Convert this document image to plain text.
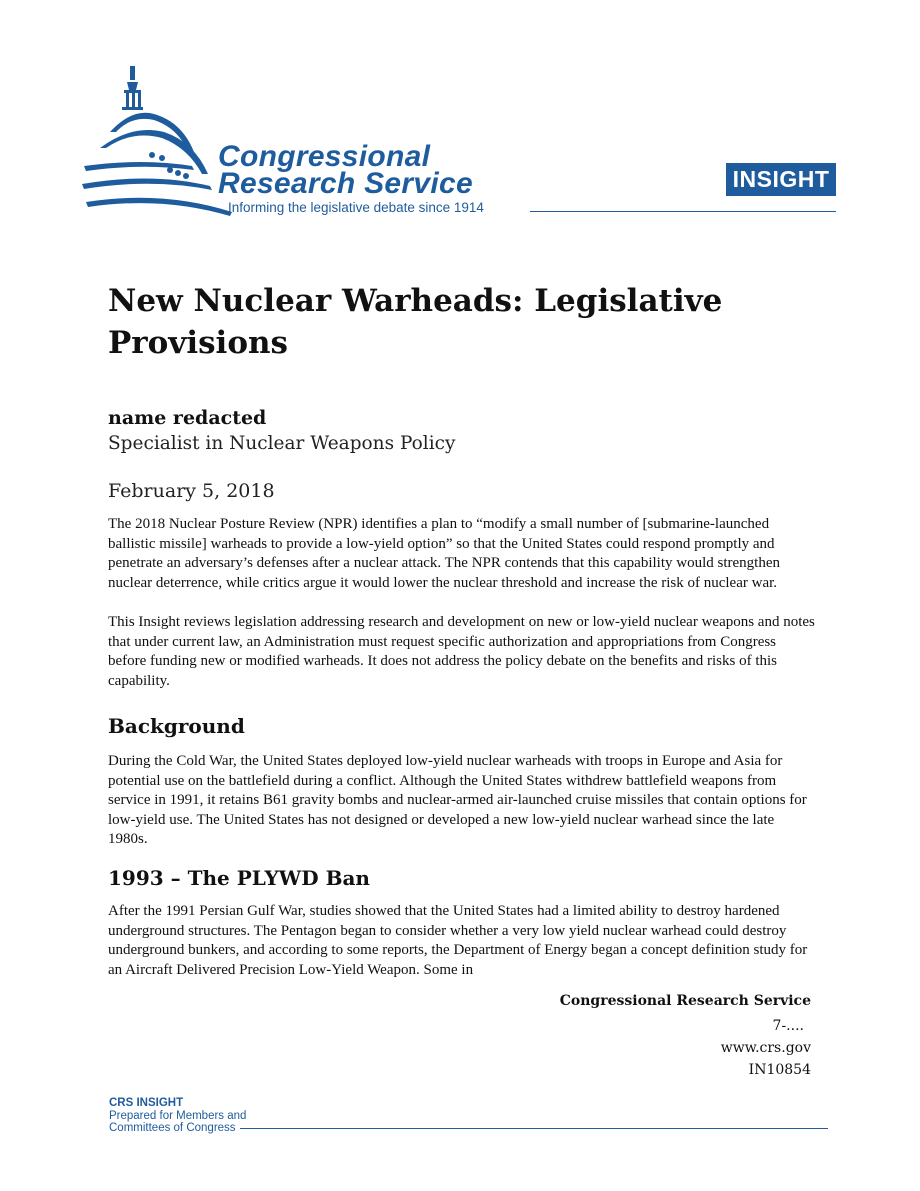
Congressional
Research Service
Informing the legislative debate since 1914
INSIGHT
New Nuclear Warheads: Legislative Provisions

name redacted

Specialist in Nuclear Weapons Policy

February 5, 2018

The 2018 Nuclear Posture Review (NPR) identifies a plan to “modify a small number of [submarine-launched ballistic missile] warheads to provide a low-yield option” so that the United States could respond promptly and penetrate an adversary’s defenses after a nuclear attack. The NPR contends that this capability would strengthen nuclear deterrence, while critics argue it would lower the nuclear threshold and increase the risk of nuclear war.

This Insight reviews legislation addressing research and development on new or low-yield nuclear weapons and notes that under current law, an Administration must request specific authorization and appropriations from Congress before funding new or modified warheads. It does not address the policy debate on the benefits and risks of this capability.

Background

During the Cold War, the United States deployed low-yield nuclear warheads with troops in Europe and Asia for potential use on the battlefield during a conflict. Although the United States withdrew battlefield weapons from service in 1991, it retains B61 gravity bombs and nuclear-armed air-launched cruise missiles that contain options for low-yield use. The United States has not designed or developed a new low-yield nuclear warhead since the late 1980s.

1993 – The PLYWD Ban

After the 1991 Persian Gulf War, studies showed that the United States had a limited ability to destroy hardened underground structures. The Pentagon began to consider whether a very low yield nuclear warhead could destroy underground bunkers, and according to some reports, the Department of Energy began a concept definition study for an Aircraft Delivered Precision Low-Yield Weapon. Some in

Congressional Research Service

7-....

www.crs.gov

IN10854

CRS INSIGHT
Prepared for Members and
Committees of Congress
